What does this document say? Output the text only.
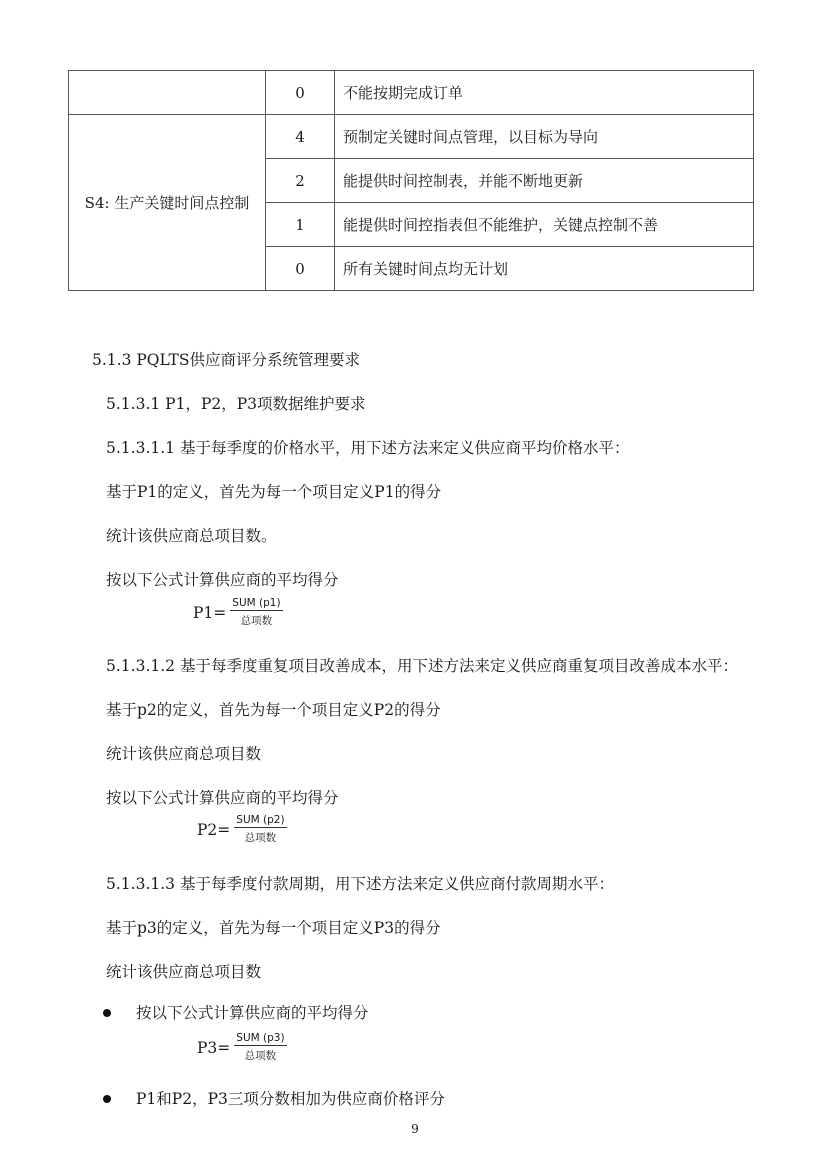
	0	不能按期完成订单
S4: 生产关键时间点控制	4	预制定关键时间点管理，以目标为导向
	2	能提供时间控制表，并能不断地更新
	1	能提供时间控指表但不能维护，关键点控制不善
	0	所有关键时间点均无计划
5.1.3 PQLTS供应商评分系统管理要求
5.1.3.1 P1，P2，P3项数据维护要求
5.1.3.1.1 基于每季度的价格水平，用下述方法来定义供应商平均价格水平：
基于P1的定义，首先为每一个项目定义P1的得分
统计该供应商总项目数。
按以下公式计算供应商的平均得分
$P1= \frac{\text{SUM (p1)}}{\text{总项数}}$
5.1.3.1.2 基于每季度重复项目改善成本，用下述方法来定义供应商重复项目改善成本水平：
基于p2的定义，首先为每一个项目定义P2的得分
统计该供应商总项目数
按以下公式计算供应商的平均得分
$P2= \frac{\text{SUM (p2)}}{\text{总项数}}$
5.1.3.1.3 基于每季度付款周期，用下述方法来定义供应商付款周期水平：
基于p3的定义，首先为每一个项目定义P3的得分
统计该供应商总项目数
按以下公式计算供应商的平均得分
$P3= \frac{\text{SUM (p3)}}{\text{总项数}}$
P1和P2，P3三项分数相加为供应商价格评分
9
